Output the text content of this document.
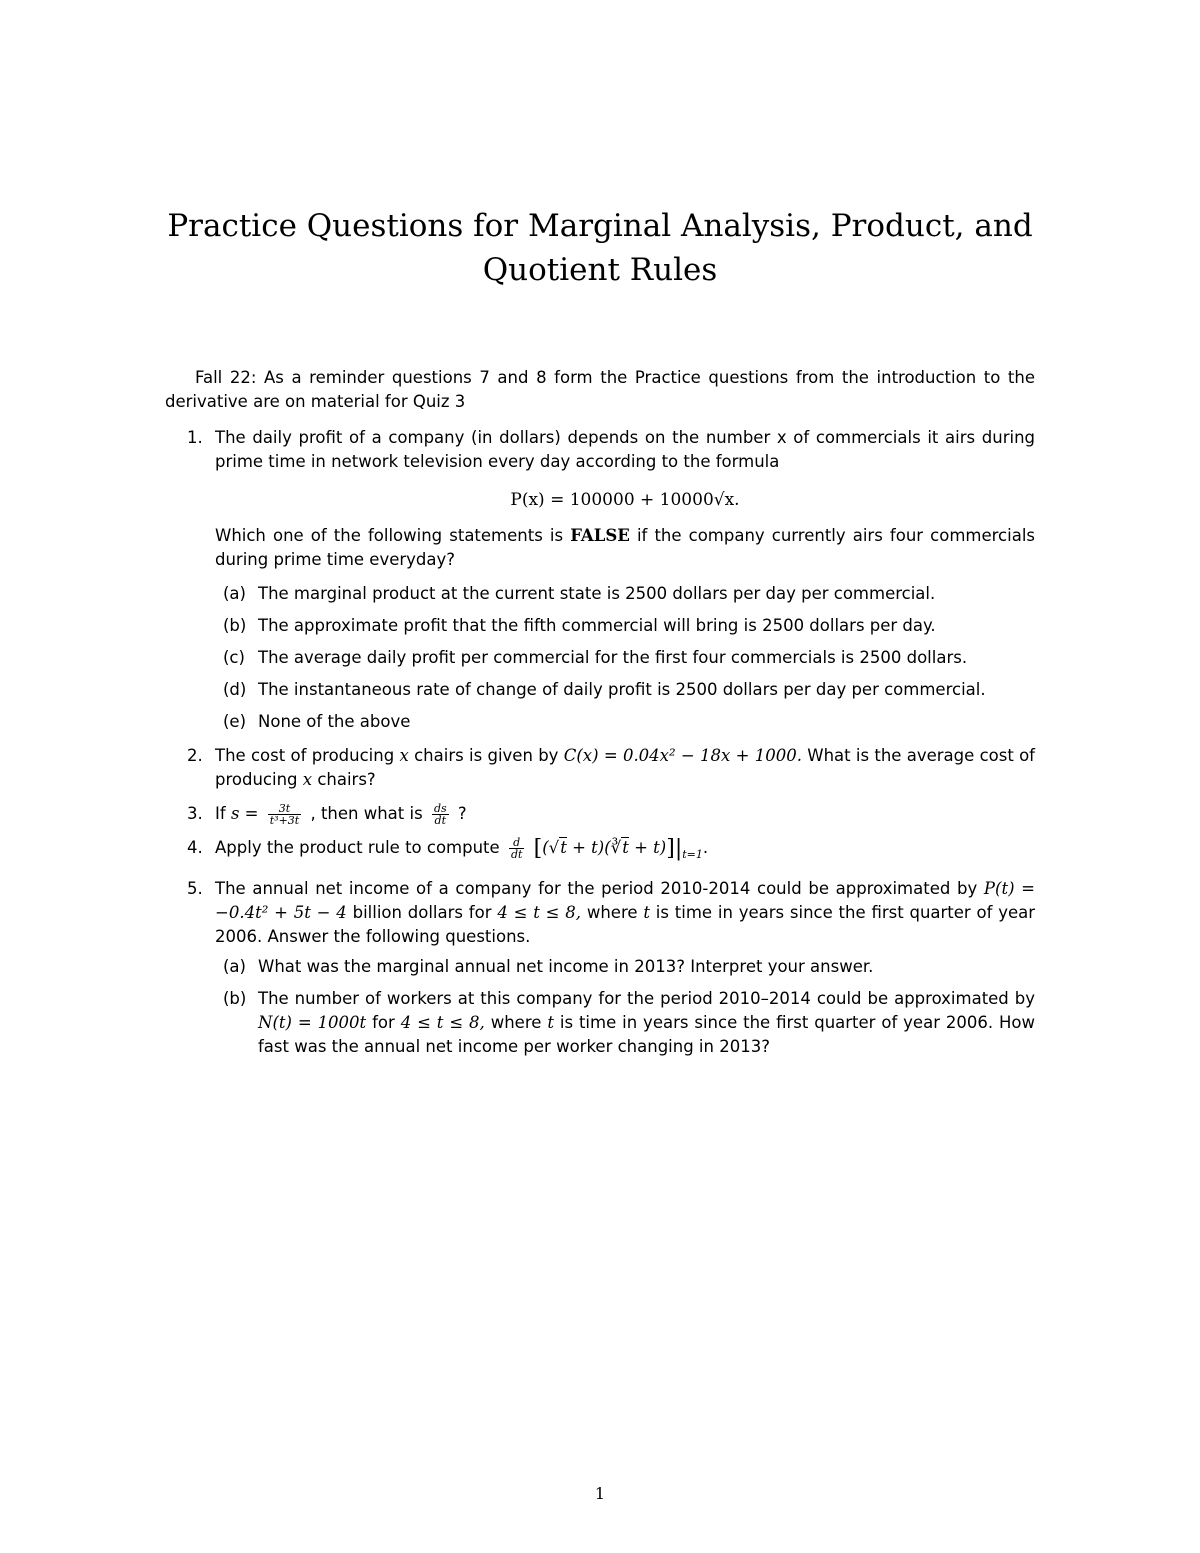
Practice Questions for Marginal Analysis, Product, and
Quotient Rules

Fall 22: As a reminder questions 7 and 8 form the Practice questions from the introduction to the derivative are on material for Quiz 3

1. The daily profit of a company (in dollars) depends on the number x of commercials it airs during prime time in network television every day according to the formula
P(x) = 100000 + 10000√x.
Which one of the following statements is FALSE if the company currently airs four commercials during prime time everyday?
(a) The marginal product at the current state is 2500 dollars per day per commercial.
(b) The approximate profit that the fifth commercial will bring is 2500 dollars per day.
(c) The average daily profit per commercial for the first four commercials is 2500 dollars.
(d) The instantaneous rate of change of daily profit is 2500 dollars per day per commercial.
(e) None of the above
2. The cost of producing x chairs is given by C(x) = 0.04x² − 18x + 1000. What is the average cost of producing x chairs?
3. If $s = \frac{3t}{\text{t³+3t}}$ , then what is $\frac{ds}{dt}$ ?
4. Apply the product rule to compute $\frac{d}{dt} [(√t$ + t)(∛t + $t)]|_{t=1}$.
5. The annual net income of a company for the period 2010-2014 could be approximated by P(t) = −0.4t² + 5t − 4 billion dollars for 4 ≤ t ≤ 8, where t is time in years since the first quarter of year 2006. Answer the following questions.
(a) What was the marginal annual net income in 2013? Interpret your answer.
(b) The number of workers at this company for the period 2010–2014 could be approximated by N(t) = 1000t for 4 ≤ t ≤ 8, where t is time in years since the first quarter of year 2006. How fast was the annual net income per worker changing in 2013?
1
